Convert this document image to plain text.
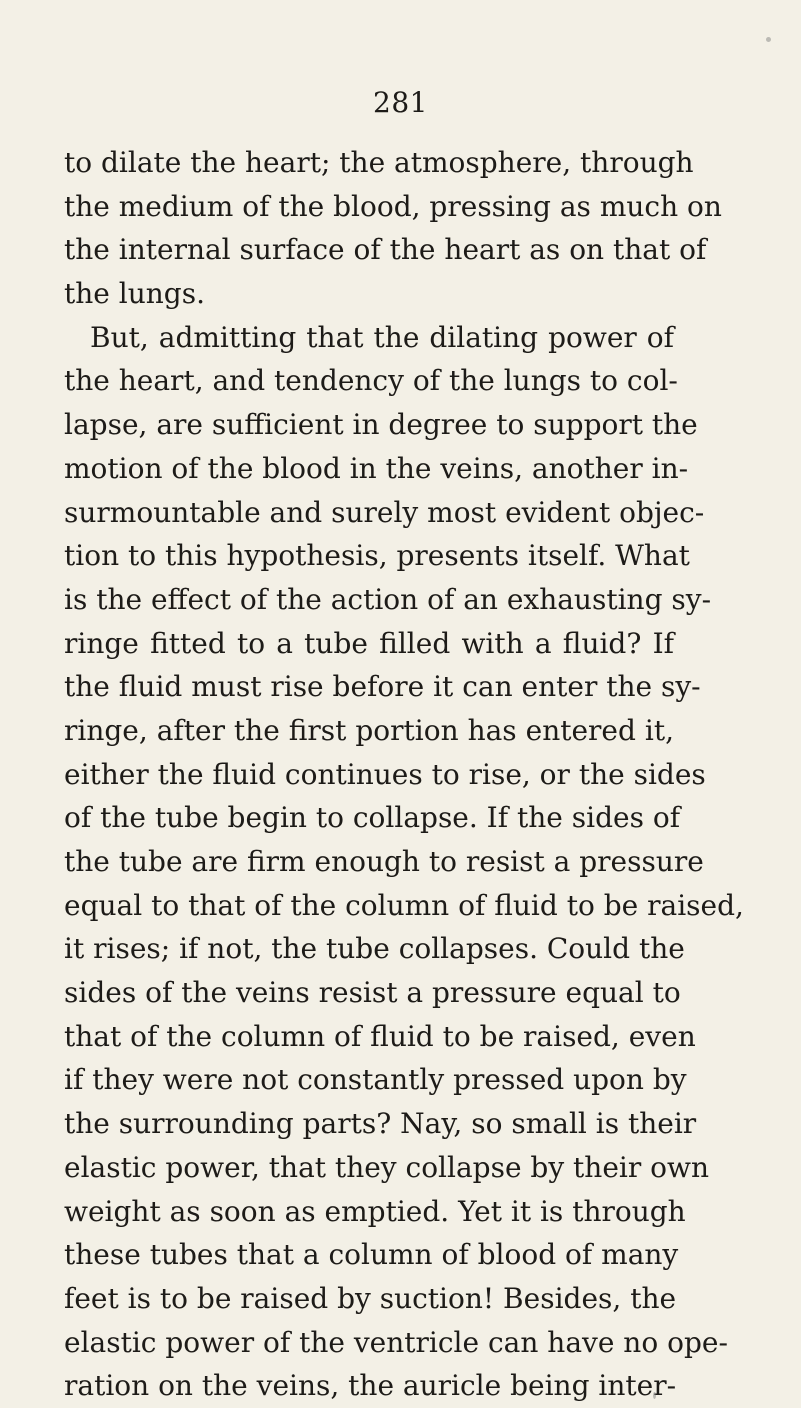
281
to dilate the heart; the atmosphere, through
the medium of the blood, pressing as much on
the internal surface of the heart as on that of
the lungs.
But, admitting that the dilating power of
the heart, and tendency of the lungs to col-
lapse, are sufficient in degree to support the
motion of the blood in the veins, another in-
surmountable and surely most evident objec-
tion to this hypothesis, presents itself. What
is the effect of the action of an exhausting sy-
ringe fitted to a tube filled with a fluid? If
the fluid must rise before it can enter the sy-
ringe, after the first portion has entered it,
either the fluid continues to rise, or the sides
of the tube begin to collapse. If the sides of
the tube are firm enough to resist a pressure
equal to that of the column of fluid to be raised,
it rises; if not, the tube collapses. Could the
sides of the veins resist a pressure equal to
that of the column of fluid to be raised, even
if they were not constantly pressed upon by
the surrounding parts? Nay, so small is their
elastic power, that they collapse by their own
weight as soon as emptied. Yet it is through
these tubes that a column of blood of many
feet is to be raised by suction! Besides, the
elastic power of the ventricle can have no ope-
ration on the veins, the auricle being inter-
